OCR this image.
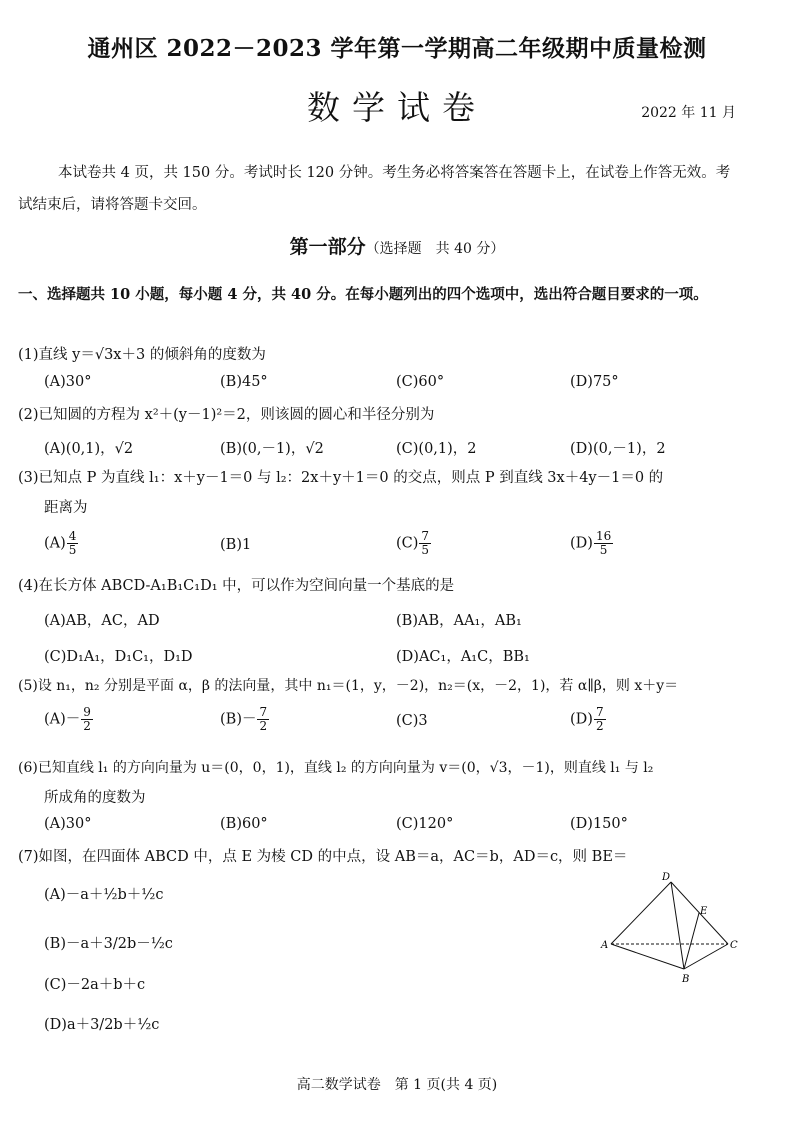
通州区 2022－2023 学年第一学期高二年级期中质量检测
数学试卷	2022 年 11 月
本试卷共 4 页，共 150 分。考试时长 120 分钟。考生务必将答案答在答题卡上，在试卷上作答无效。考试结束后，请将答题卡交回。
第一部分（选择题　共 40 分）
一、选择题共 10 小题，每小题 4 分，共 40 分。在每小题列出的四个选项中，选出符合题目要求的一项。
(1)直线 y＝√3x＋3 的倾斜角的度数为
(A)30°	(B)45°	(C)60°	(D)75°
(2)已知圆的方程为 x²＋(y－1)²＝2，则该圆的圆心和半径分别为
(A)(0,1)，√2	(B)(0,－1)，√2	(C)(0,1)，2	(D)(0,－1)，2
(3)已知点 P 为直线 l₁：x＋y－1＝0 与 l₂：2x＋y＋1＝0 的交点，则点 P 到直线 3x＋4y－1＝0 的
距离为
$(A) \frac{4}{5}$	(B)1	$(C) \frac{7}{5}$	$(D) \frac{16}{5}$
(4)在长方体 ABCD-A₁B₁C₁D₁ 中，可以作为空间向量一个基底的是
(A)AB，AC，AD	(B)AB，AA₁，AB₁
(C)D₁A₁，D₁C₁，D₁D	(D)AC₁，A₁C，BB₁
(5)设 n₁，n₂ 分别是平面 α，β 的法向量，其中 n₁＝(1，y，－2)，n₂＝(x，－2，1)，若 α∥β，则 x＋y＝
$(A)- \frac{9}{2}$	$(B)- \frac{7}{2}$	(C)3	$(D) \frac{7}{2}$
(6)已知直线 l₁ 的方向向量为 u＝(0，0，1)，直线 l₂ 的方向向量为 v＝(0，√3，－1)，则直线 l₁ 与 l₂
所成角的度数为
(A)30°	(B)60°	(C)120°	(D)150°
(7)如图，在四面体 ABCD 中，点 E 为棱 CD 的中点，设 AB＝a，AC＝b，AD＝c，则 BE＝
(A)－a＋½b＋½c
(B)－a＋3/2b－½c
(C)－2a＋b＋c
(D)a＋3/2b＋½c
D
E
A	C
B
高二数学试卷　第 1 页(共 4 页)
